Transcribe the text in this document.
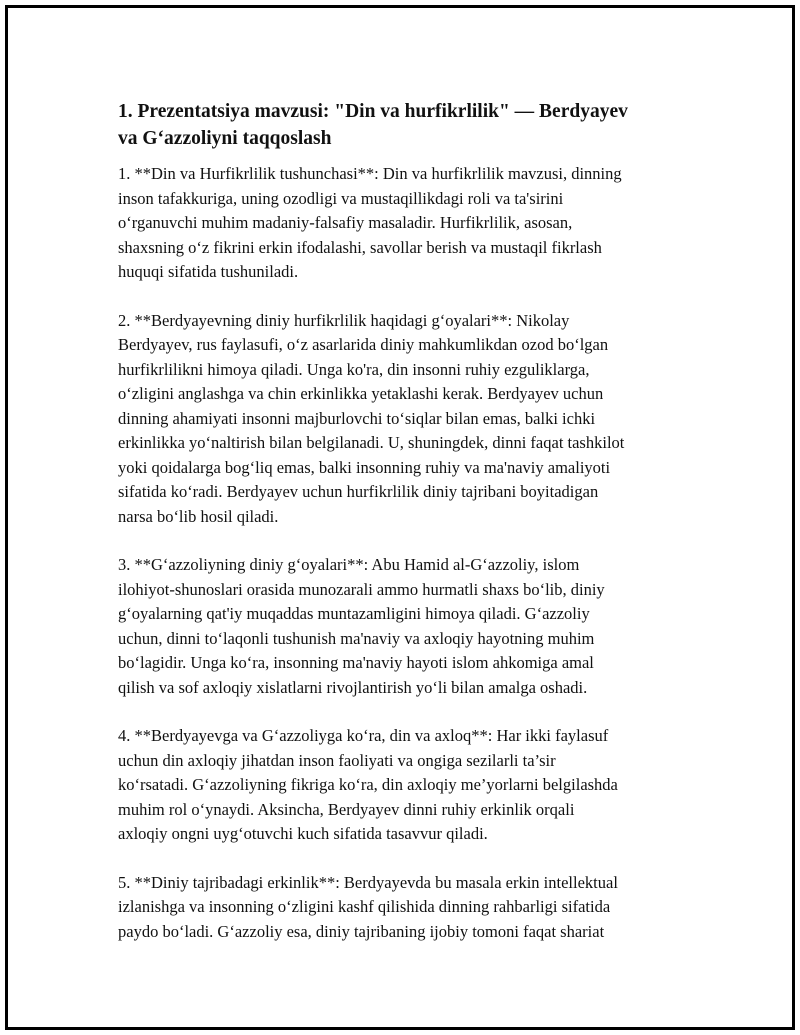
1. Prezentatsiya mavzusi: "Din va hurfikrlilik" — Berdyayev
va G‘azzoliyni taqqoslash

1. **Din va Hurfikrlilik tushunchasi**: Din va hurfikrlilik mavzusi, dinning
inson tafakkuriga, uning ozodligi va mustaqillikdagi roli va ta'sirini
o‘rganuvchi muhim madaniy-falsafiy masaladir. Hurfikrlilik, asosan,
shaxsning o‘z fikrini erkin ifodalashi, savollar berish va mustaqil fikrlash
huquqi sifatida tushuniladi.

2. **Berdyayevning diniy hurfikrlilik haqidagi g‘oyalari**: Nikolay
Berdyayev, rus faylasufi, o‘z asarlarida diniy mahkumlikdan ozod bo‘lgan
hurfikrlilikni himoya qiladi. Unga ko'ra, din insonni ruhiy ezguliklarga,
o‘zligini anglashga va chin erkinlikka yetaklashi kerak. Berdyayev uchun
dinning ahamiyati insonni majburlovchi to‘siqlar bilan emas, balki ichki
erkinlikka yo‘naltirish bilan belgilanadi. U, shuningdek, dinni faqat tashkilot
yoki qoidalarga bog‘liq emas, balki insonning ruhiy va ma'naviy amaliyoti
sifatida ko‘radi. Berdyayev uchun hurfikrlilik diniy tajribani boyitadigan
narsa bo‘lib hosil qiladi.

3. **G‘azzoliyning diniy g‘oyalari**: Abu Hamid al-G‘azzoliy, islom
ilohiyot-shunoslari orasida munozarali ammo hurmatli shaxs bo‘lib, diniy
g‘oyalarning qat'iy muqaddas muntazamligini himoya qiladi. G‘azzoliy
uchun, dinni to‘laqonli tushunish ma'naviy va axloqiy hayotning muhim
bo‘lagidir. Unga ko‘ra, insonning ma'naviy hayoti islom ahkomiga amal
qilish va sof axloqiy xislatlarni rivojlantirish yo‘li bilan amalga oshadi.

4. **Berdyayevga va G‘azzoliyga ko‘ra, din va axloq**: Har ikki faylasuf
uchun din axloqiy jihatdan inson faoliyati va ongiga sezilarli ta’sir
ko‘rsatadi. G‘azzoliyning fikriga ko‘ra, din axloqiy me’yorlarni belgilashda
muhim rol o‘ynaydi. Aksincha, Berdyayev dinni ruhiy erkinlik orqali
axloqiy ongni uyg‘otuvchi kuch sifatida tasavvur qiladi.

5. **Diniy tajribadagi erkinlik**: Berdyayevda bu masala erkin intellektual
izlanishga va insonning o‘zligini kashf qilishida dinning rahbarligi sifatida
paydo bo‘ladi. G‘azzoliy esa, diniy tajribaning ijobiy tomoni faqat shariat
